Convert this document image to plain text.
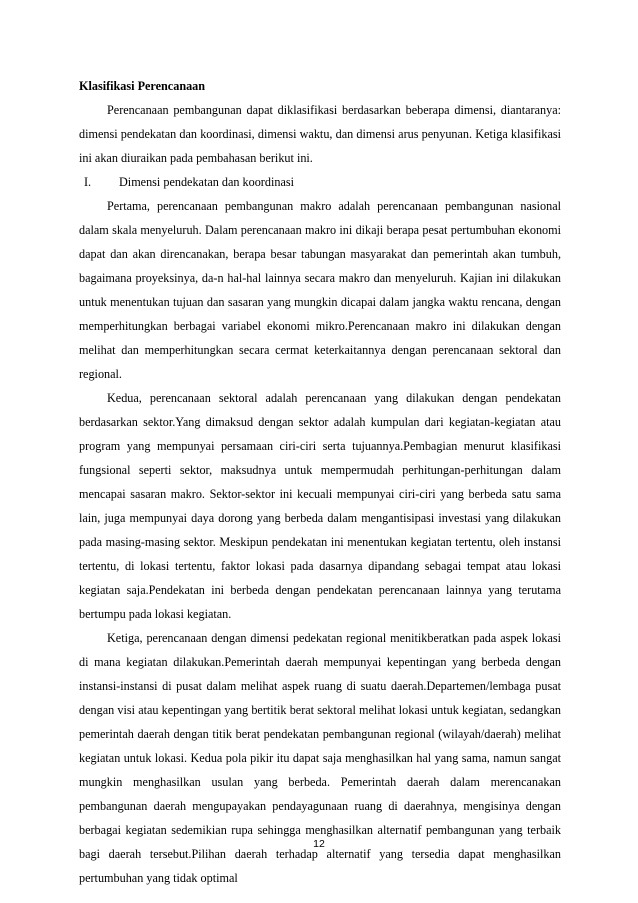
Klasifikasi Perencanaan

Perencanaan pembangunan dapat diklasifikasi berdasarkan beberapa dimensi, diantaranya: dimensi pendekatan dan koordinasi, dimensi waktu, dan dimensi arus penyunan. Ketiga klasifikasi ini akan diuraikan pada pembahasan berikut ini.

I. Dimensi pendekatan dan koordinasi

Pertama, perencanaan pembangunan makro adalah perencanaan pembangunan nasional dalam skala menyeluruh. Dalam perencanaan makro ini dikaji berapa pesat pertumbuhan ekonomi dapat dan akan direncanakan, berapa besar tabungan masyarakat dan pemerintah akan tumbuh, bagaimana proyeksinya, da-n hal-hal lainnya secara makro dan menyeluruh. Kajian ini dilakukan untuk menentukan tujuan dan sasaran yang mungkin dicapai dalam jangka waktu rencana, dengan memperhitungkan berbagai variabel ekonomi mikro.Perencanaan makro ini dilakukan dengan melihat dan memperhitungkan secara cermat keterkaitannya dengan perencanaan sektoral dan regional.

Kedua, perencanaan sektoral adalah perencanaan yang dilakukan dengan pendekatan berdasarkan sektor.Yang dimaksud dengan sektor adalah kumpulan dari kegiatan-kegiatan atau program yang mempunyai persamaan ciri-ciri serta tujuannya.Pembagian menurut klasifikasi fungsional seperti sektor, maksudnya untuk mempermudah perhitungan-perhitungan dalam mencapai sasaran makro. Sektor-sektor ini kecuali mempunyai ciri-ciri yang berbeda satu sama lain, juga mempunyai daya dorong yang berbeda dalam mengantisipasi investasi yang dilakukan pada masing-masing sektor. Meskipun pendekatan ini menentukan kegiatan tertentu, oleh instansi tertentu, di lokasi tertentu, faktor lokasi pada dasarnya dipandang sebagai tempat atau lokasi kegiatan saja.Pendekatan ini berbeda dengan pendekatan perencanaan lainnya yang terutama bertumpu pada lokasi kegiatan.

Ketiga, perencanaan dengan dimensi pedekatan regional menitikberatkan pada aspek lokasi di mana kegiatan dilakukan.Pemerintah daerah mempunyai kepentingan yang berbeda dengan instansi-instansi di pusat dalam melihat aspek ruang di suatu daerah.Departemen/lembaga pusat dengan visi atau kepentingan yang bertitik berat sektoral melihat lokasi untuk kegiatan, sedangkan pemerintah daerah dengan titik berat pendekatan pembangunan regional (wilayah/daerah) melihat kegiatan untuk lokasi. Kedua pola pikir itu dapat saja menghasilkan hal yang sama, namun sangat mungkin menghasilkan usulan yang berbeda. Pemerintah daerah dalam merencanakan pembangunan daerah mengupayakan pendayagunaan ruang di daerahnya, mengisinya dengan berbagai kegiatan sedemikian rupa sehingga menghasilkan alternatif pembangunan yang terbaik bagi daerah tersebut.Pilihan daerah terhadap alternatif yang tersedia dapat menghasilkan pertumbuhan yang tidak optimal

12
